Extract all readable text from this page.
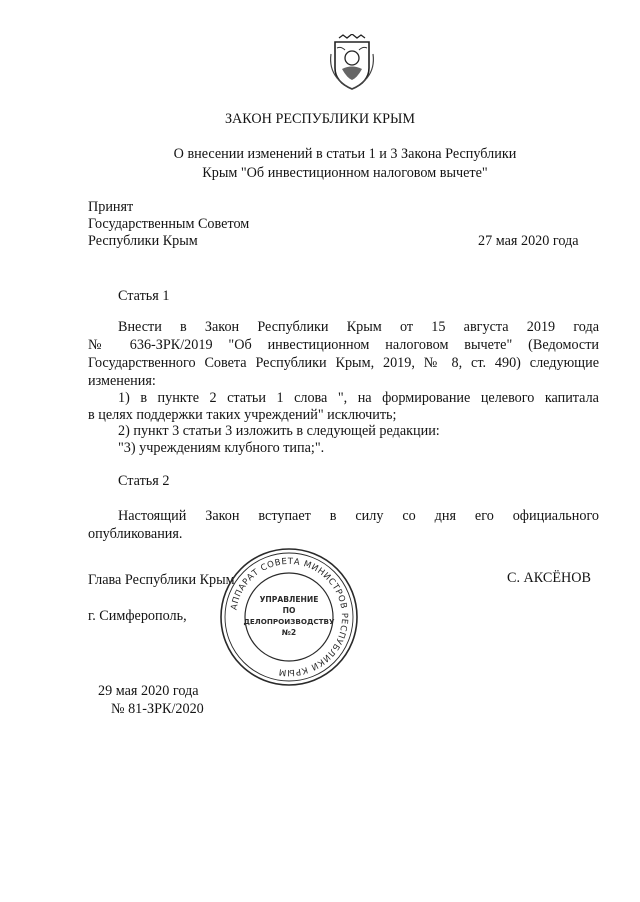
ЗАКОН РЕСПУБЛИКИ КРЫМ
О внесении изменений в статьи 1 и 3 Закона Республики
Крым "Об инвестиционном налоговом вычете"
Принят
Государственным Советом
Республики Крым	27 мая 2020 года
Статья 1
Внести в Закон Республики Крым от 15 августа 2019 года
№ 636-ЗРК/2019 "Об инвестиционном налоговом вычете" (Ведомости
Государственного Совета Республики Крым, 2019, № 8, ст. 490) следующие
изменения:
1) в пункте 2 статьи 1 слова ", на формирование целевого капитала
в целях поддержки таких учреждений" исключить;
2) пункт 3 статьи 3 изложить в следующей редакции:
"3) учреждениям клубного типа;".
Статья 2
Настоящий Закон вступает в силу со дня его официального
опубликования.
Глава Республики Крым	С. АКСЁНОВ
г. Симферополь,
АППАРАТ СОВЕТА МИНИСТРОВ РЕСПУБЛИКИ КРЫМ
УПРАВЛЕНИЕ
ПО
ДЕЛОПРОИЗВОДСТВУ
№2
29 мая 2020 года
№ 81-ЗРК/2020
